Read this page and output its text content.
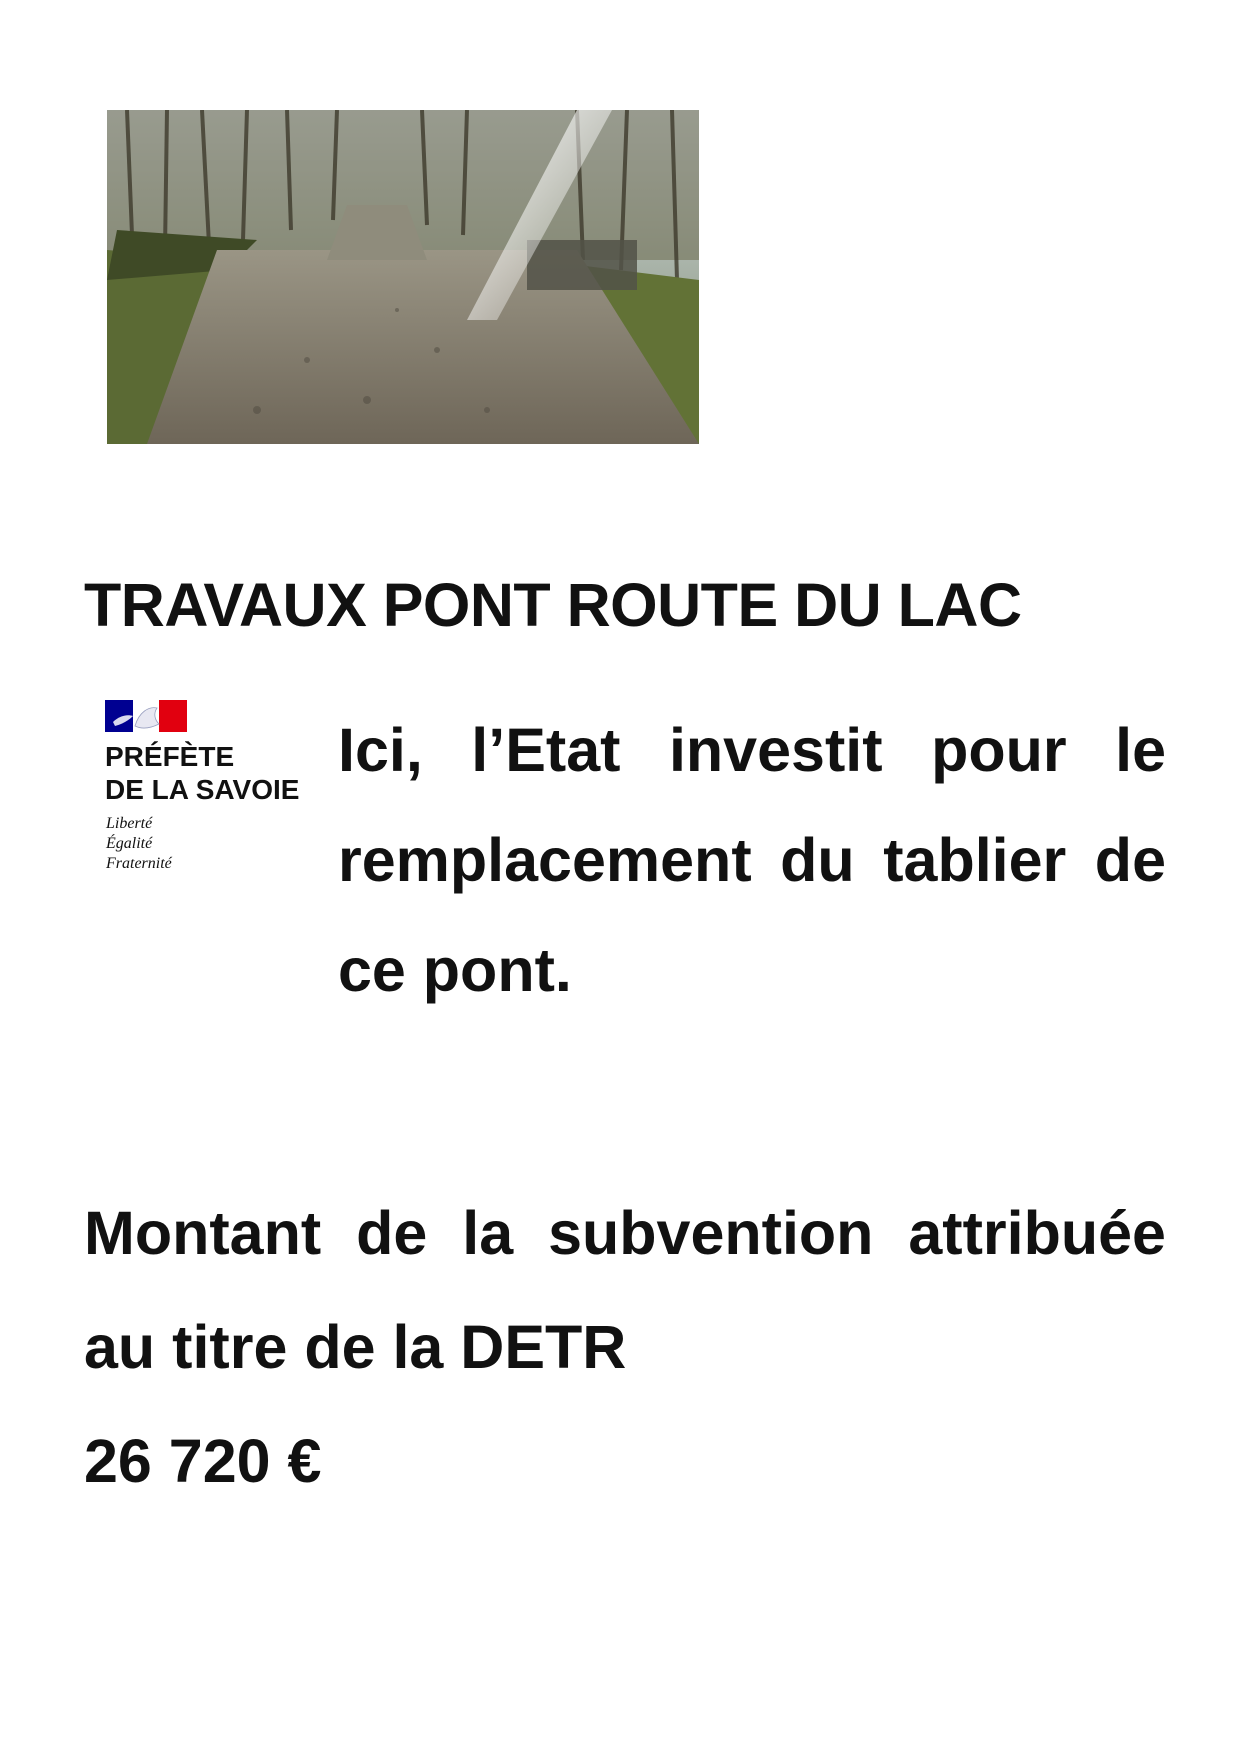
TRAVAUX PONT ROUTE DU LAC
PRÉFÈTE
DE LA SAVOIE
Liberté
Égalité
Fraternité
Ici, l’Etat investit pour le remplacement du tablier de ce pont.
Montant de la subvention attribuée au titre de la DETR
26 720 €
